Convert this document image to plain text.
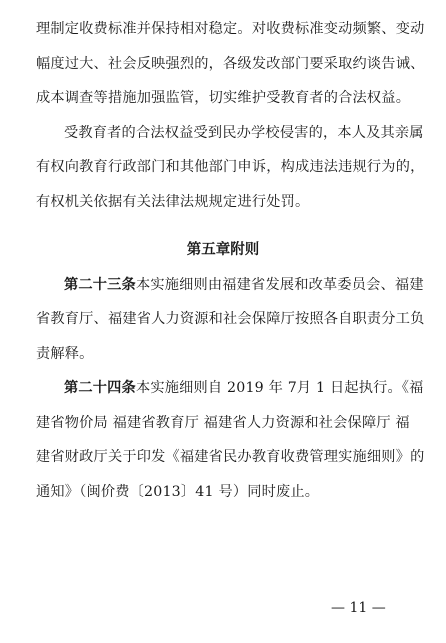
理制定收费标准并保持相对稳定。对收费标准变动频繁、变动
幅度过大、社会反映强烈的，各级发改部门要采取约谈告诫、
成本调查等措施加强监管，切实维护受教育者的合法权益。
受教育者的合法权益受到民办学校侵害的，本人及其亲属
有权向教育行政部门和其他部门申诉，构成违法违规行为的，
有权机关依据有关法律法规规定进行处罚。
第五章附则
第二十三条本实施细则由福建省发展和改革委员会、福建
省教育厅、福建省人力资源和社会保障厅按照各自职责分工负
责解释。
第二十四条本实施细则自 2019 年 7月 1 日起执行。《福
建省物价局 福建省教育厅 福建省人力资源和社会保障厅 福
建省财政厅关于印发《福建省民办教育收费管理实施细则》的
通知》（闽价费〔2013〕41 号）同时废止。
— 11 —
